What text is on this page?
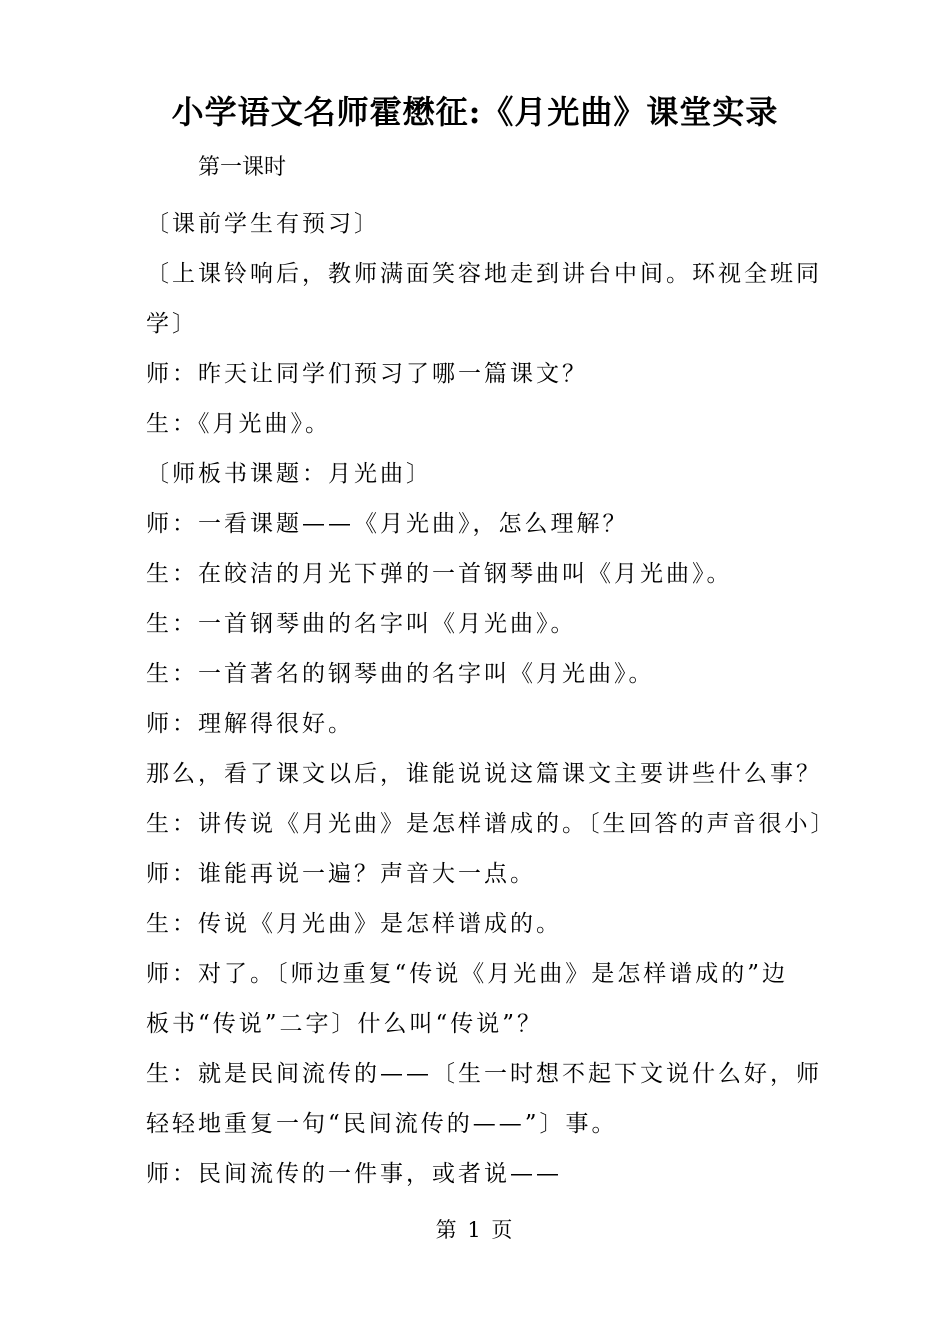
小学语文名师霍懋征:《月光曲》课堂实录
第一课时
〔课前学生有预习〕
〔上课铃响后，教师满面笑容地走到讲台中间。环视全班同
学〕
师：昨天让同学们预习了哪一篇课文？
生：《月光曲》。
〔师板书课题：月光曲〕
师：一看课题——《月光曲》，怎么理解？
生：在皎洁的月光下弹的一首钢琴曲叫《月光曲》。
生：一首钢琴曲的名字叫《月光曲》。
生：一首著名的钢琴曲的名字叫《月光曲》。
师：理解得很好。
那么，看了课文以后，谁能说说这篇课文主要讲些什么事？
生：讲传说《月光曲》是怎样谱成的。〔生回答的声音很小〕
师：谁能再说一遍？声音大一点。
生：传说《月光曲》是怎样谱成的。
师：对了。〔师边重复“传说《月光曲》是怎样谱成的”边
板书“传说”二字〕什么叫“传说”？
生：就是民间流传的——〔生一时想不起下文说什么好，师
轻轻地重复一句“民间流传的——”〕事。
师：民间流传的一件事，或者说——
第 1 页
